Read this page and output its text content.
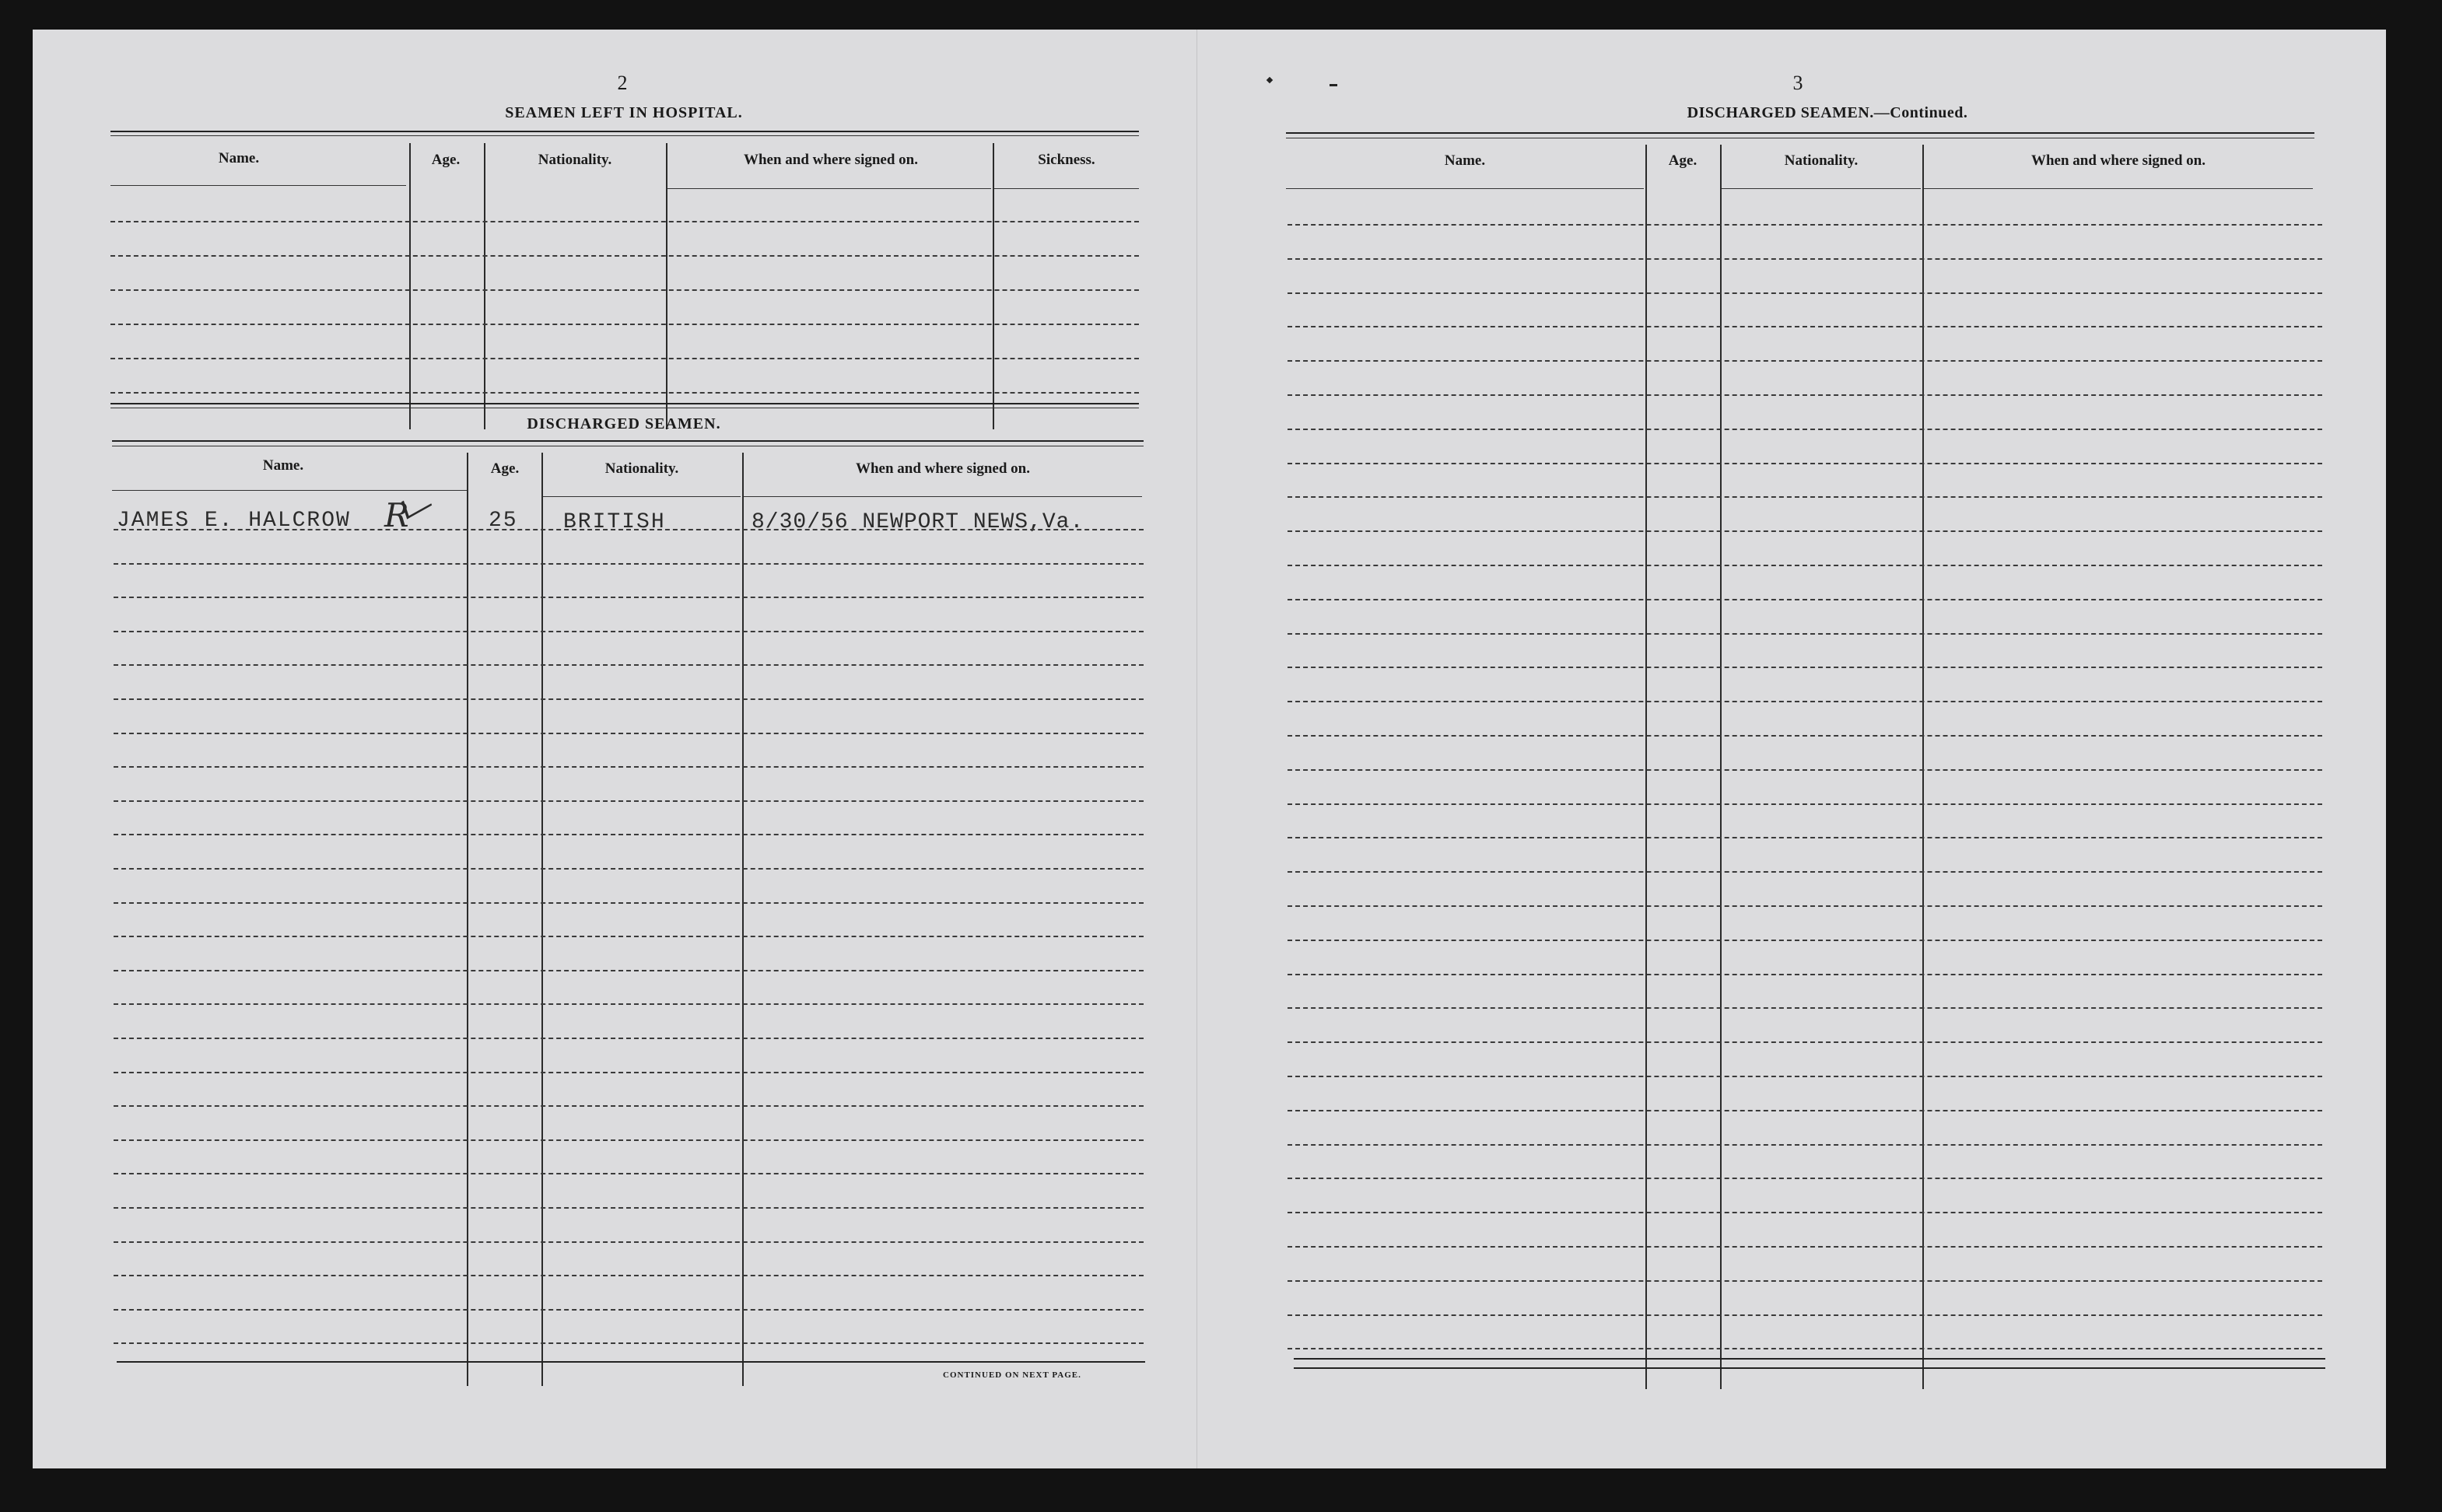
2
SEAMEN LEFT IN HOSPITAL.
Name.	Age.	Nationality.	When and where signed on.	Sickness.
DISCHARGED SEAMEN.
Name.	Age.	Nationality.	When and where signed on.
JAMES E. HALCROW R	25 BRITISH	8/30/56 NEWPORT NEWS,Va.
CONTINUED ON NEXT PAGE.
3
DISCHARGED SEAMEN.—Continued.
Name.	Age.	Nationality.	When and where signed on.
